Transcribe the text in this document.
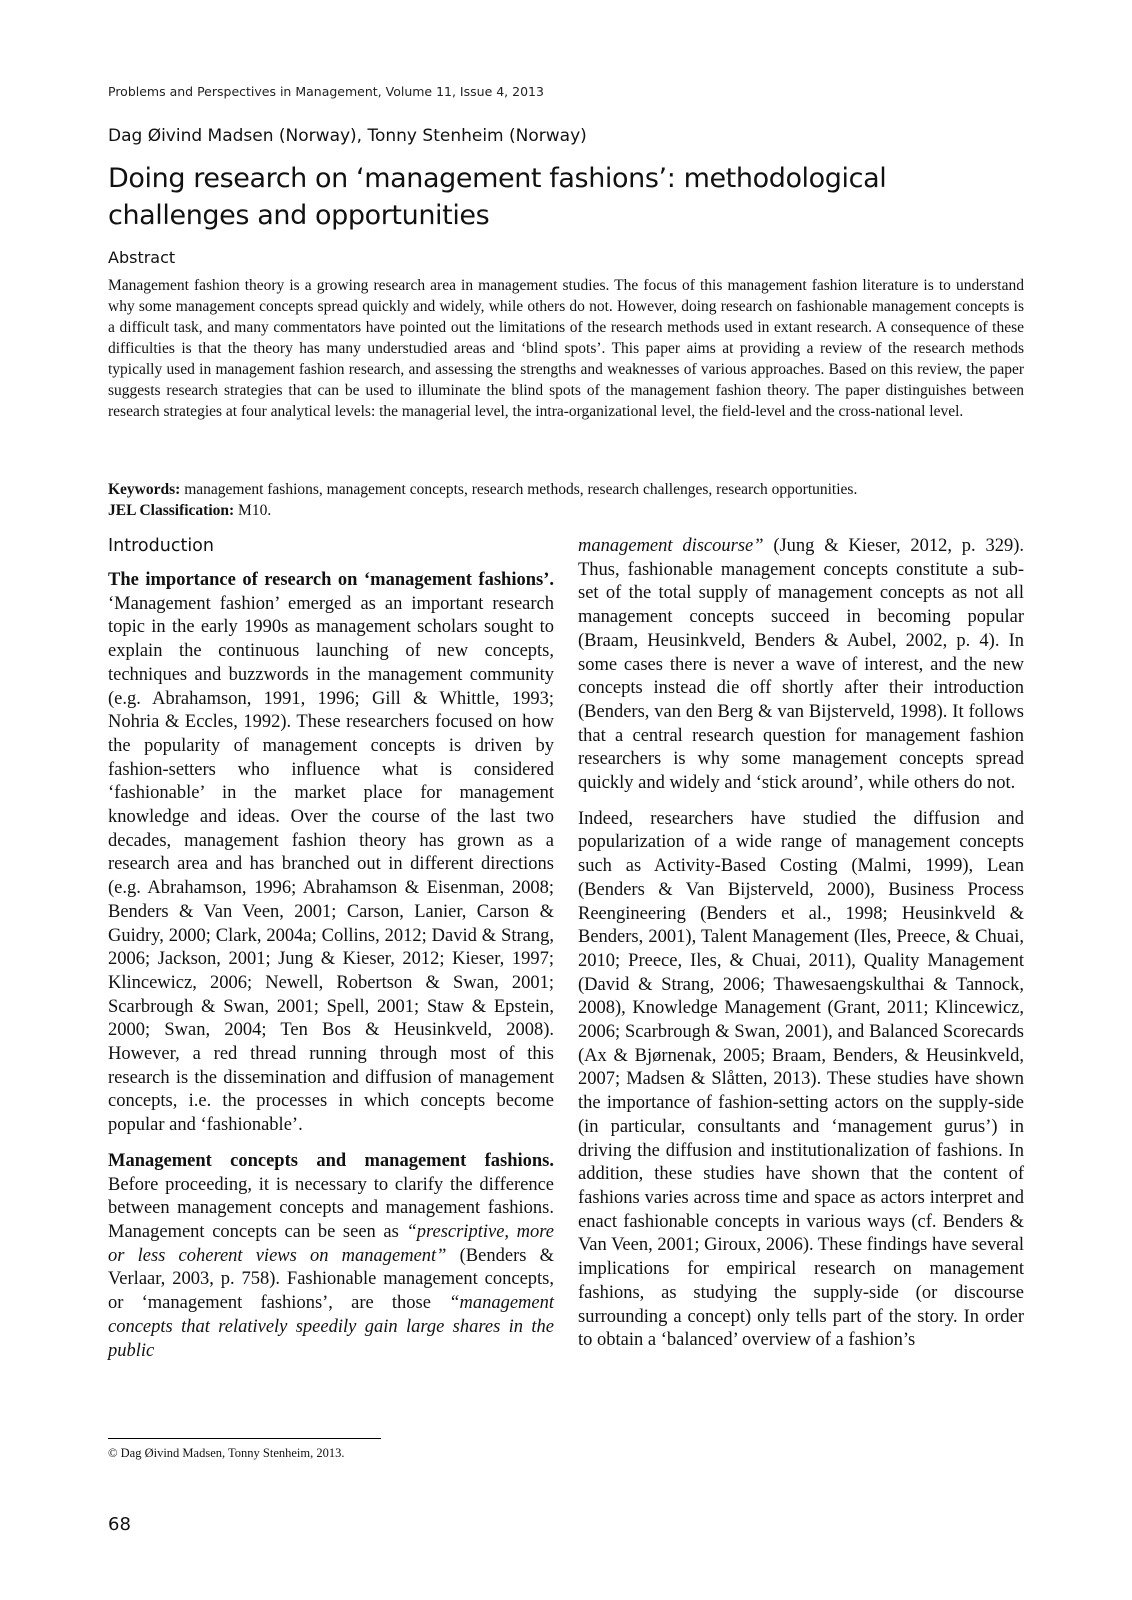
Problems and Perspectives in Management, Volume 11, Issue 4, 2013
Dag Øivind Madsen (Norway), Tonny Stenheim (Norway)
Doing research on ‘management fashions’: methodological challenges and opportunities
Abstract

Management fashion theory is a growing research area in management studies. The focus of this management fashion literature is to understand why some management concepts spread quickly and widely, while others do not. However, doing research on fashionable management concepts is a difficult task, and many commentators have pointed out the limitations of the research methods used in extant research. A consequence of these difficulties is that the theory has many understudied areas and ‘blind spots’. This paper aims at providing a review of the research methods typically used in management fashion research, and assessing the strengths and weaknesses of various approaches. Based on this review, the paper suggests research strategies that can be used to illuminate the blind spots of the management fashion theory. The paper distinguishes between research strategies at four analytical levels: the managerial level, the intra-organizational level, the field-level and the cross-national level.

Keywords: management fashions, management concepts, research methods, research challenges, research opportunities.

JEL Classification: M10.

Introduction

The importance of research on ‘management fashions’. ‘Management fashion’ emerged as an important research topic in the early 1990s as management scholars sought to explain the continuous launching of new concepts, techniques and buzzwords in the management community (e.g. Abrahamson, 1991, 1996; Gill & Whittle, 1993; Nohria & Eccles, 1992). These researchers focused on how the popularity of management concepts is driven by fashion-setters who influence what is considered ‘fashionable’ in the market place for management knowledge and ideas. Over the course of the last two decades, management fashion theory has grown as a research area and has branched out in different directions (e.g. Abrahamson, 1996; Abrahamson & Eisenman, 2008; Benders & Van Veen, 2001; Carson, Lanier, Carson & Guidry, 2000; Clark, 2004a; Collins, 2012; David & Strang, 2006; Jackson, 2001; Jung & Kieser, 2012; Kieser, 1997; Klincewicz, 2006; Newell, Robertson & Swan, 2001; Scarbrough & Swan, 2001; Spell, 2001; Staw & Epstein, 2000; Swan, 2004; Ten Bos & Heusinkveld, 2008). However, a red thread running through most of this research is the dissemination and diffusion of management concepts, i.e. the processes in which concepts become popular and ‘fashionable’.

Management concepts and management fashions. Before proceeding, it is necessary to clarify the difference between management concepts and management fashions. Management concepts can be seen as “prescriptive, more or less coherent views on management” (Benders & Verlaar, 2003, p. 758). Fashionable management concepts, or ‘management fashions’, are those “management concepts that relatively speedily gain large shares in the public

management discourse” (Jung & Kieser, 2012, p. 329). Thus, fashionable management concepts constitute a sub-set of the total supply of management concepts as not all management concepts succeed in becoming popular (Braam, Heusinkveld, Benders & Aubel, 2002, p. 4). In some cases there is never a wave of interest, and the new concepts instead die off shortly after their introduction (Benders, van den Berg & van Bijsterveld, 1998). It follows that a central research question for management fashion researchers is why some management concepts spread quickly and widely and ‘stick around’, while others do not.

Indeed, researchers have studied the diffusion and popularization of a wide range of management concepts such as Activity-Based Costing (Malmi, 1999), Lean (Benders & Van Bijsterveld, 2000), Business Process Reengineering (Benders et al., 1998; Heusinkveld & Benders, 2001), Talent Management (Iles, Preece, & Chuai, 2010; Preece, Iles, & Chuai, 2011), Quality Management (David & Strang, 2006; Thawesaengskulthai & Tannock, 2008), Knowledge Management (Grant, 2011; Klincewicz, 2006; Scarbrough & Swan, 2001), and Balanced Scorecards (Ax & Bjørnenak, 2005; Braam, Benders, & Heusinkveld, 2007; Madsen & Slåtten, 2013). These studies have shown the importance of fashion-setting actors on the supply-side (in particular, consultants and ‘management gurus’) in driving the diffusion and institutionalization of fashions. In addition, these studies have shown that the content of fashions varies across time and space as actors interpret and enact fashionable concepts in various ways (cf. Benders & Van Veen, 2001; Giroux, 2006). These findings have several implications for empirical research on management fashions, as studying the supply-side (or discourse surrounding a concept) only tells part of the story. In order to obtain a ‘balanced’ overview of a fashion’s

© Dag Øivind Madsen, Tonny Stenheim, 2013.
68
